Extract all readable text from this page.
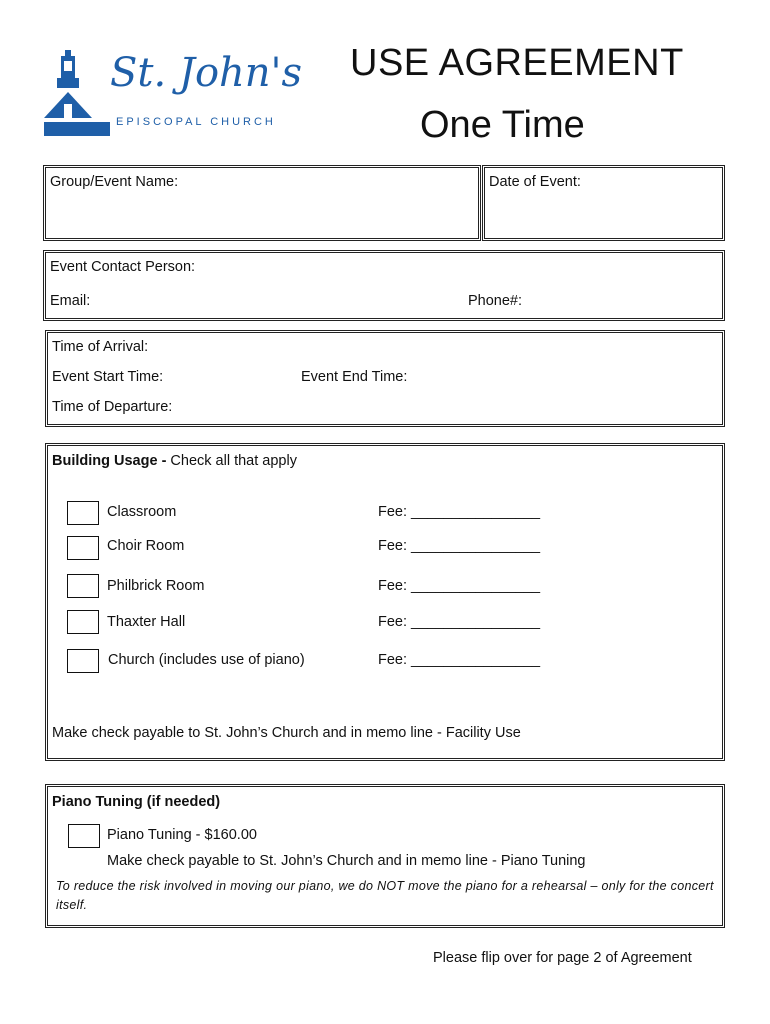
St. John's
EPISCOPAL CHURCH
USE AGREEMENT
One Time
Group/Event Name:	Date of Event:
Event Contact Person:
Email:	Phone#:
Time of Arrival:
Event Start Time:	Event End Time:
Time of Departure:
Building Usage - Check all that apply
Classroom	Fee: ________________
Choir Room	Fee: ________________
Philbrick Room	Fee: ________________
Thaxter Hall	Fee: ________________
Church (includes use of piano)	Fee: ________________
Make check payable to St. John’s Church and in memo line - Facility Use
Piano Tuning (if needed)
Piano Tuning - $160.00
Make check payable to St. John’s Church and in memo line - Piano Tuning
To reduce the risk involved in moving our piano, we do NOT move the piano for a rehearsal – only for the concert itself.
Please flip over for page 2 of Agreement
